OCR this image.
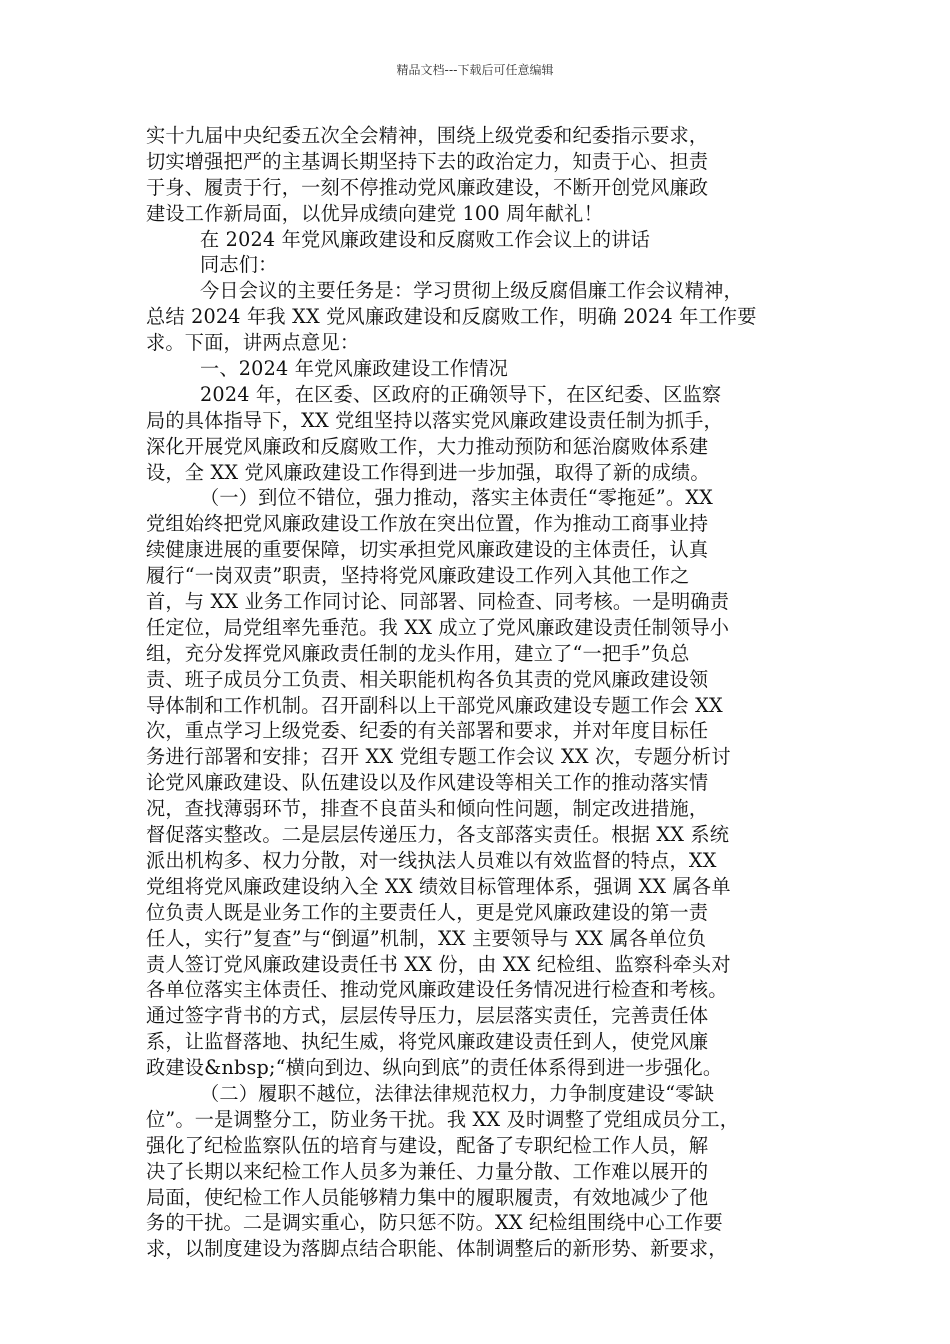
精品文档---下载后可任意编辑
实十九届中央纪委五次全会精神，围绕上级党委和纪委指示要求，
切实增强把严的主基调长期坚持下去的政治定力，知责于心、担责
于身、履责于行，一刻不停推动党风廉政建设，不断开创党风廉政
建设工作新局面，以优异成绩向建党 100 周年献礼！
在 2024 年党风廉政建设和反腐败工作会议上的讲话
同志们：
今日会议的主要任务是：学习贯彻上级反腐倡廉工作会议精神，
总结 2024 年我 XX 党风廉政建设和反腐败工作，明确 2024 年工作要
求。下面，讲两点意见：
一、2024 年党风廉政建设工作情况
2024 年，在区委、区政府的正确领导下，在区纪委、区监察
局的具体指导下，XX 党组坚持以落实党风廉政建设责任制为抓手，
深化开展党风廉政和反腐败工作，大力推动预防和惩治腐败体系建
设，全 XX 党风廉政建设工作得到进一步加强，取得了新的成绩。
（一）到位不错位，强力推动，落实主体责任“零拖延”。XX
党组始终把党风廉政建设工作放在突出位置，作为推动工商事业持
续健康进展的重要保障，切实承担党风廉政建设的主体责任，认真
履行“一岗双责”职责，坚持将党风廉政建设工作列入其他工作之
首，与 XX 业务工作同讨论、同部署、同检查、同考核。一是明确责
任定位，局党组率先垂范。我 XX 成立了党风廉政建设责任制领导小
组，充分发挥党风廉政责任制的龙头作用，建立了“一把手”负总
责、班子成员分工负责、相关职能机构各负其责的党风廉政建设领
导体制和工作机制。召开副科以上干部党风廉政建设专题工作会 XX
次，重点学习上级党委、纪委的有关部署和要求，并对年度目标任
务进行部署和安排；召开 XX 党组专题工作会议 XX 次，专题分析讨
论党风廉政建设、队伍建设以及作风建设等相关工作的推动落实情
况，查找薄弱环节，排查不良苗头和倾向性问题，制定改进措施，
督促落实整改。二是层层传递压力，各支部落实责任。根据 XX 系统
派出机构多、权力分散，对一线执法人员难以有效监督的特点，XX
党组将党风廉政建设纳入全 XX 绩效目标管理体系，强调 XX 属各单
位负责人既是业务工作的主要责任人，更是党风廉政建设的第一责
任人，实行”复查”与“倒逼”机制，XX 主要领导与 XX 属各单位负
责人签订党风廉政建设责任书 XX 份，由 XX 纪检组、监察科牵头对
各单位落实主体责任、推动党风廉政建设任务情况进行检查和考核。
通过签字背书的方式，层层传导压力，层层落实责任，完善责任体
系，让监督落地、执纪生威，将党风廉政建设责任到人，使党风廉
政建设&nbsp;“横向到边、纵向到底”的责任体系得到进一步强化。
（二）履职不越位，法律法律规范权力，力争制度建设“零缺
位”。一是调整分工，防业务干扰。我 XX 及时调整了党组成员分工，
强化了纪检监察队伍的培育与建设，配备了专职纪检工作人员，解
决了长期以来纪检工作人员多为兼任、力量分散、工作难以展开的
局面，使纪检工作人员能够精力集中的履职履责，有效地减少了他
务的干扰。二是调实重心，防只惩不防。XX 纪检组围绕中心工作要
求，以制度建设为落脚点结合职能、体制调整后的新形势、新要求，
